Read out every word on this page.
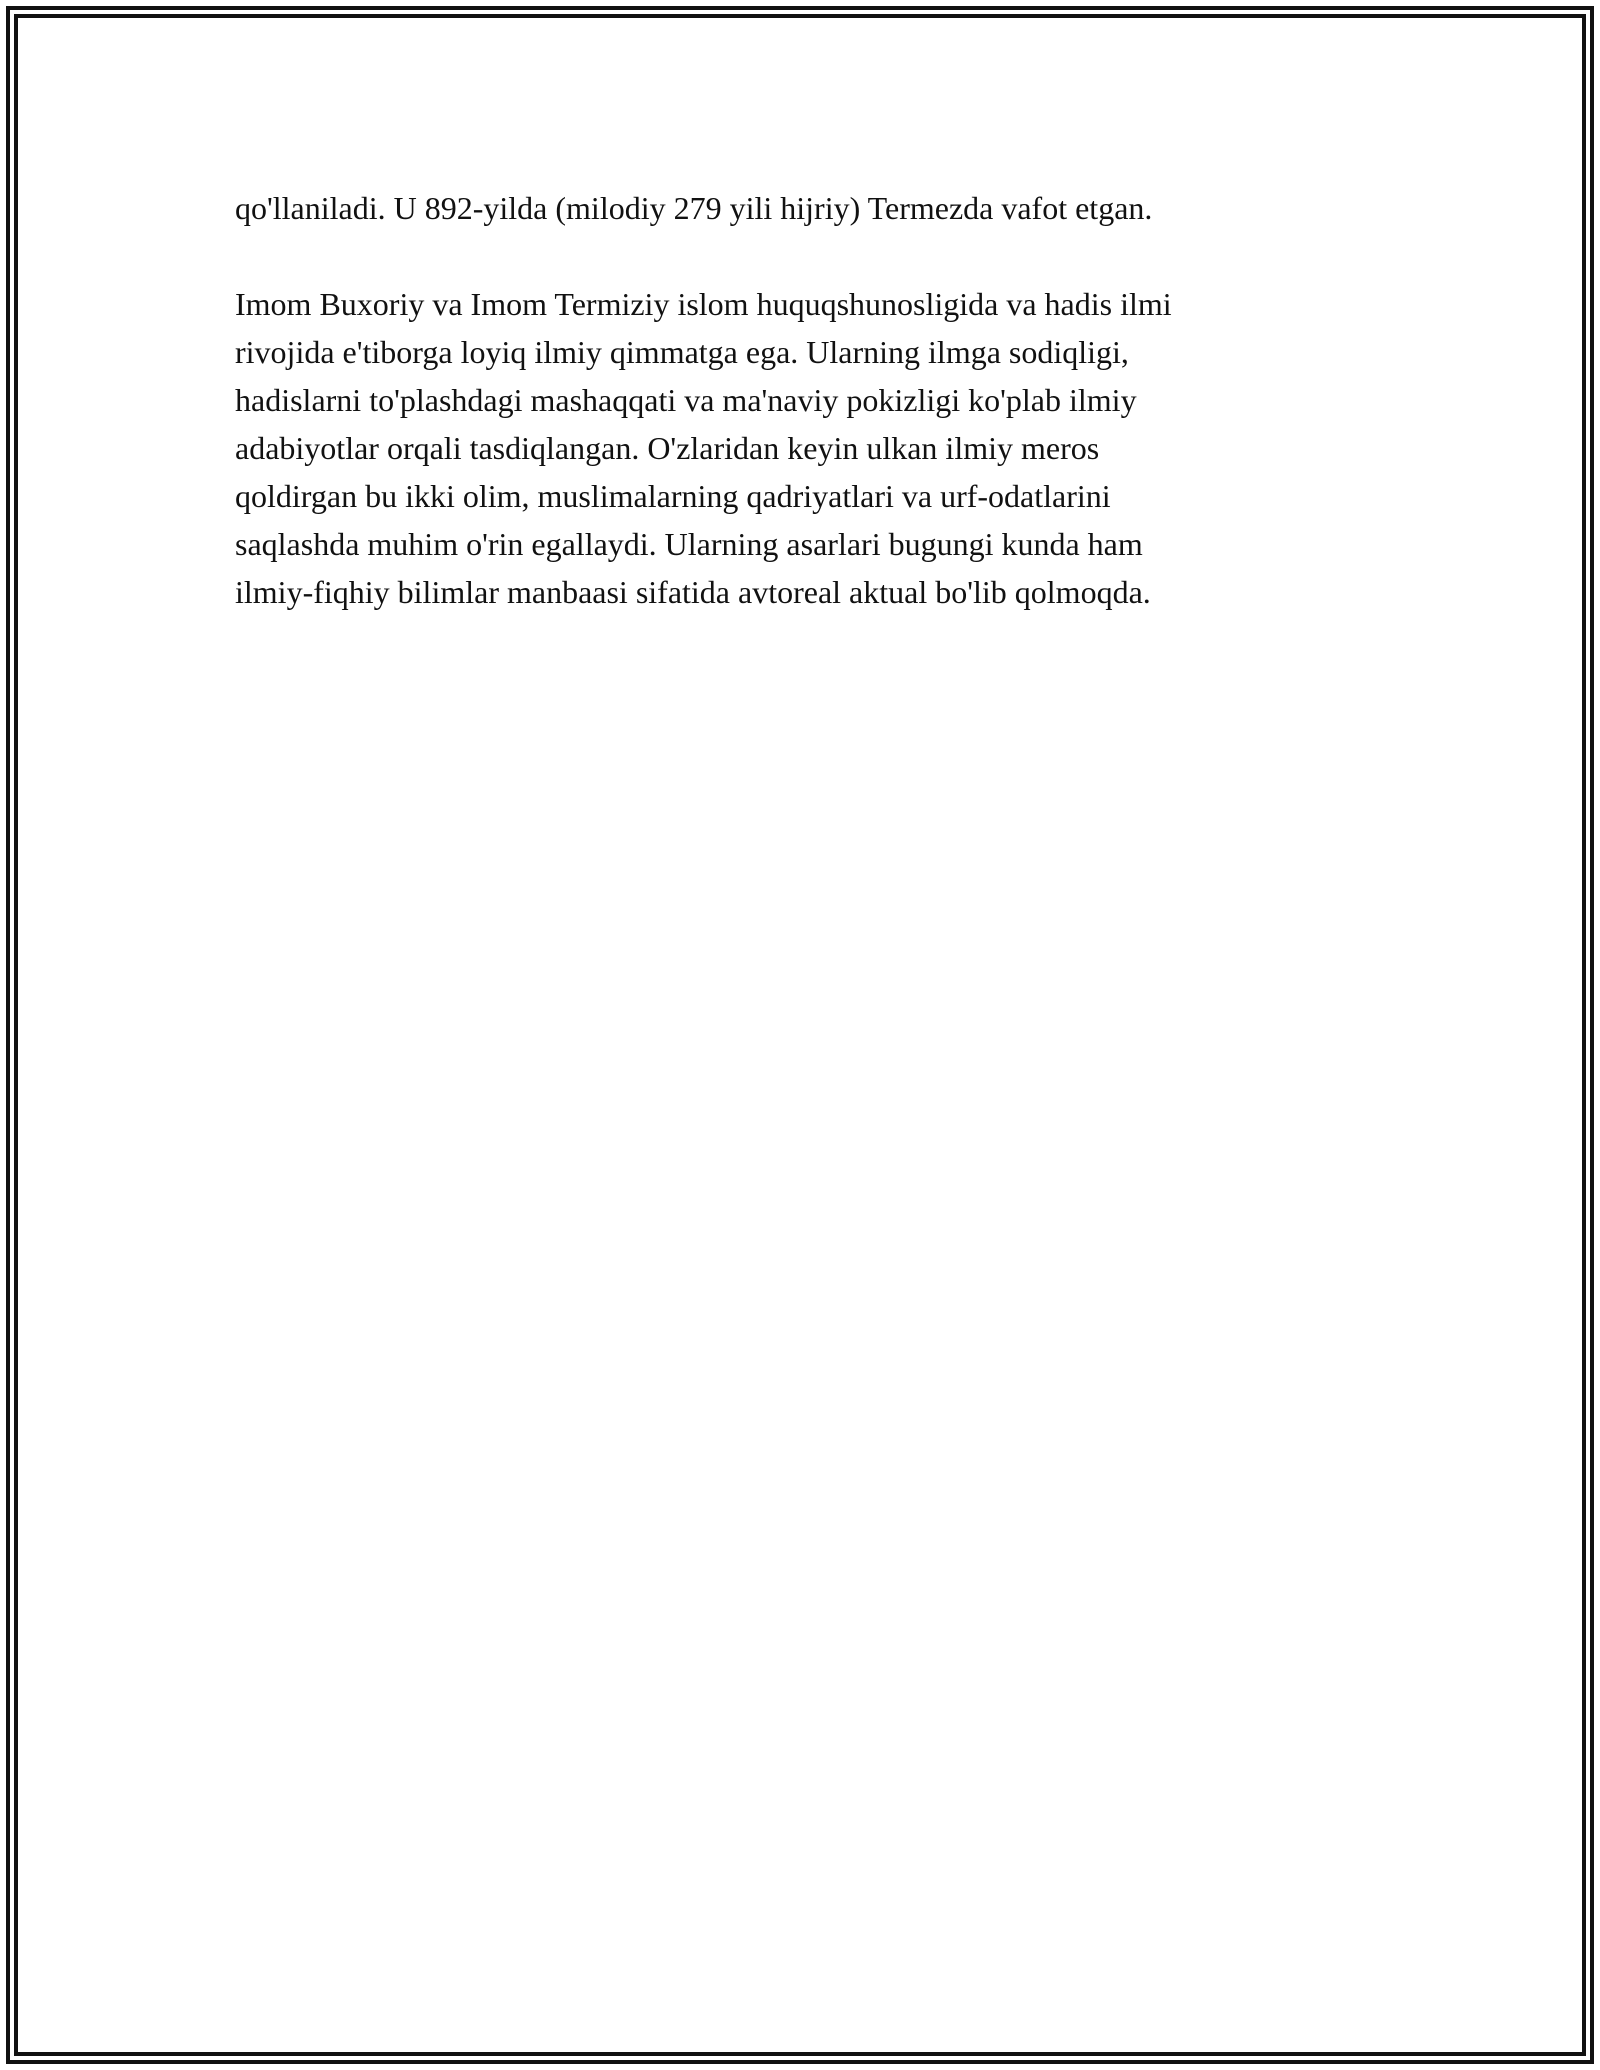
qo'llaniladi. U 892-yilda (milodiy 279 yili hijriy) Termezda vafot etgan.

Imom Buxoriy va Imom Termiziy islom huquqshunosligida va hadis ilmi
rivojida e'tiborga loyiq ilmiy qimmatga ega. Ularning ilmga sodiqligi,
hadislarni to'plashdagi mashaqqati va ma'naviy pokizligi ko'plab ilmiy
adabiyotlar orqali tasdiqlangan. O'zlaridan keyin ulkan ilmiy meros
qoldirgan bu ikki olim, muslimalarning qadriyatlari va urf-odatlarini
saqlashda muhim o'rin egallaydi. Ularning asarlari bugungi kunda ham
ilmiy-fiqhiy bilimlar manbaasi sifatida avtoreal aktual bo'lib qolmoqda.
